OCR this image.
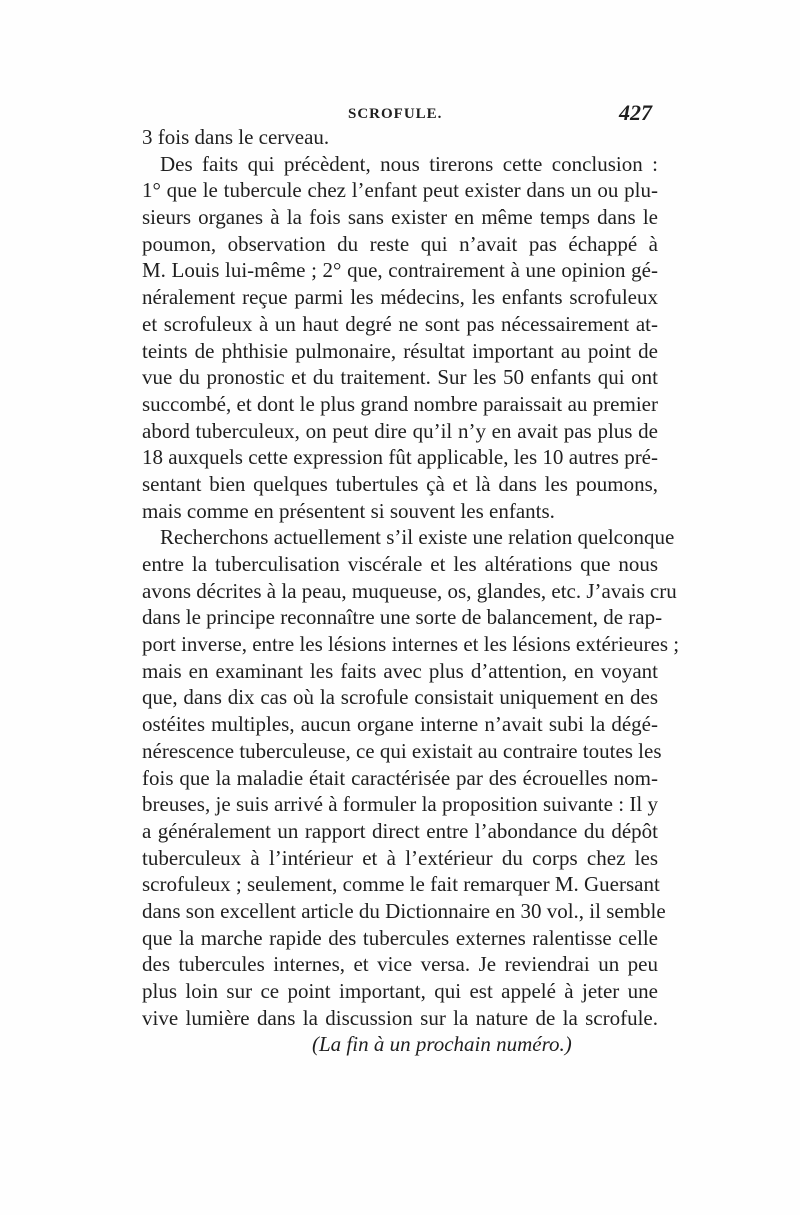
SCROFULE.	427
3 fois dans le cerveau.
Des faits qui précèdent, nous tirerons cette conclusion :
1° que le tubercule chez l’enfant peut exister dans un ou plu-
sieurs organes à la fois sans exister en même temps dans le
poumon, observation du reste qui n’avait pas échappé à
M. Louis lui-même ; 2° que, contrairement à une opinion gé-
néralement reçue parmi les médecins, les enfants scrofuleux
et scrofuleux à un haut degré ne sont pas nécessairement at-
teints de phthisie pulmonaire, résultat important au point de
vue du pronostic et du traitement. Sur les 50 enfants qui ont
succombé, et dont le plus grand nombre paraissait au premier
abord tuberculeux, on peut dire qu’il n’y en avait pas plus de
18 auxquels cette expression fût applicable, les 10 autres pré-
sentant bien quelques tubertules çà et là dans les poumons,
mais comme en présentent si souvent les enfants.
Recherchons actuellement s’il existe une relation quelconque
entre la tuberculisation viscérale et les altérations que nous
avons décrites à la peau, muqueuse, os, glandes, etc. J’avais cru
dans le principe reconnaître une sorte de balancement, de rap-
port inverse, entre les lésions internes et les lésions extérieures ;
mais en examinant les faits avec plus d’attention, en voyant
que, dans dix cas où la scrofule consistait uniquement en des
ostéites multiples, aucun organe interne n’avait subi la dégé-
nérescence tuberculeuse, ce qui existait au contraire toutes les
fois que la maladie était caractérisée par des écrouelles nom-
breuses, je suis arrivé à formuler la proposition suivante : Il y
a généralement un rapport direct entre l’abondance du dépôt
tuberculeux à l’intérieur et à l’extérieur du corps chez les
scrofuleux ; seulement, comme le fait remarquer M. Guersant
dans son excellent article du Dictionnaire en 30 vol., il semble
que la marche rapide des tubercules externes ralentisse celle
des tubercules internes, et vice versa. Je reviendrai un peu
plus loin sur ce point important, qui est appelé à jeter une
vive lumière dans la discussion sur la nature de la scrofule.
(La fin à un prochain numéro.)
